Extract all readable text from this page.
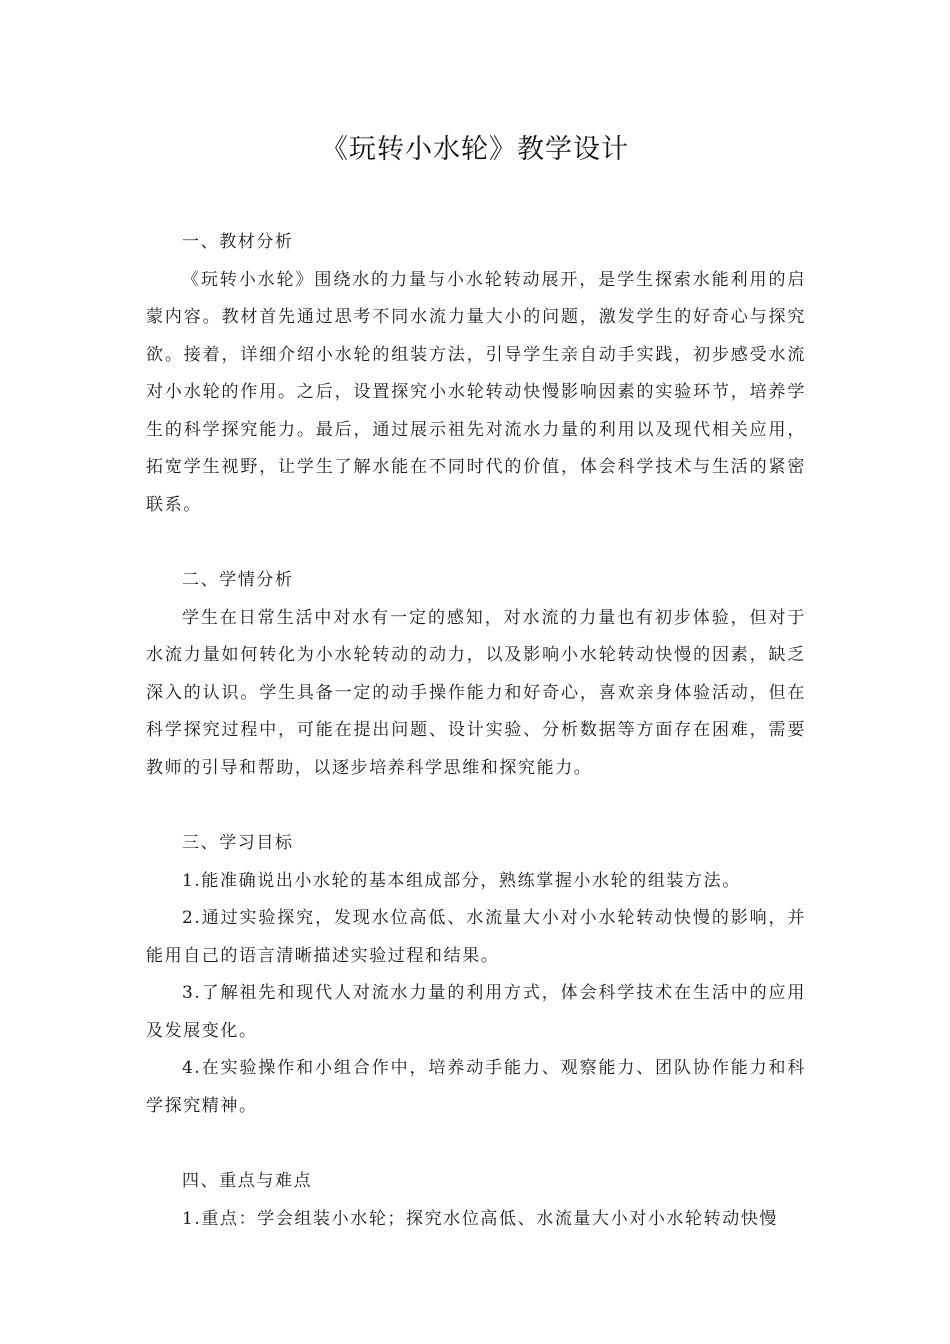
《玩转小水轮》教学设计

一、教材分析

《玩转小水轮》围绕水的力量与小水轮转动展开，是学生探索水能利用的启蒙内容。教材首先通过思考不同水流力量大小的问题，激发学生的好奇心与探究欲。接着，详细介绍小水轮的组装方法，引导学生亲自动手实践，初步感受水流对小水轮的作用。之后，设置探究小水轮转动快慢影响因素的实验环节，培养学生的科学探究能力。最后，通过展示祖先对流水力量的利用以及现代相关应用，拓宽学生视野，让学生了解水能在不同时代的价值，体会科学技术与生活的紧密联系。

二、学情分析

学生在日常生活中对水有一定的感知，对水流的力量也有初步体验，但对于水流力量如何转化为小水轮转动的动力，以及影响小水轮转动快慢的因素，缺乏深入的认识。学生具备一定的动手操作能力和好奇心，喜欢亲身体验活动，但在科学探究过程中，可能在提出问题、设计实验、分析数据等方面存在困难，需要教师的引导和帮助，以逐步培养科学思维和探究能力。

三、学习目标

1.能准确说出小水轮的基本组成部分，熟练掌握小水轮的组装方法。

2.通过实验探究，发现水位高低、水流量大小对小水轮转动快慢的影响，并能用自己的语言清晰描述实验过程和结果。

3.了解祖先和现代人对流水力量的利用方式，体会科学技术在生活中的应用及发展变化。

4.在实验操作和小组合作中，培养动手能力、观察能力、团队协作能力和科学探究精神。

四、重点与难点

1.重点：学会组装小水轮；探究水位高低、水流量大小对小水轮转动快慢
